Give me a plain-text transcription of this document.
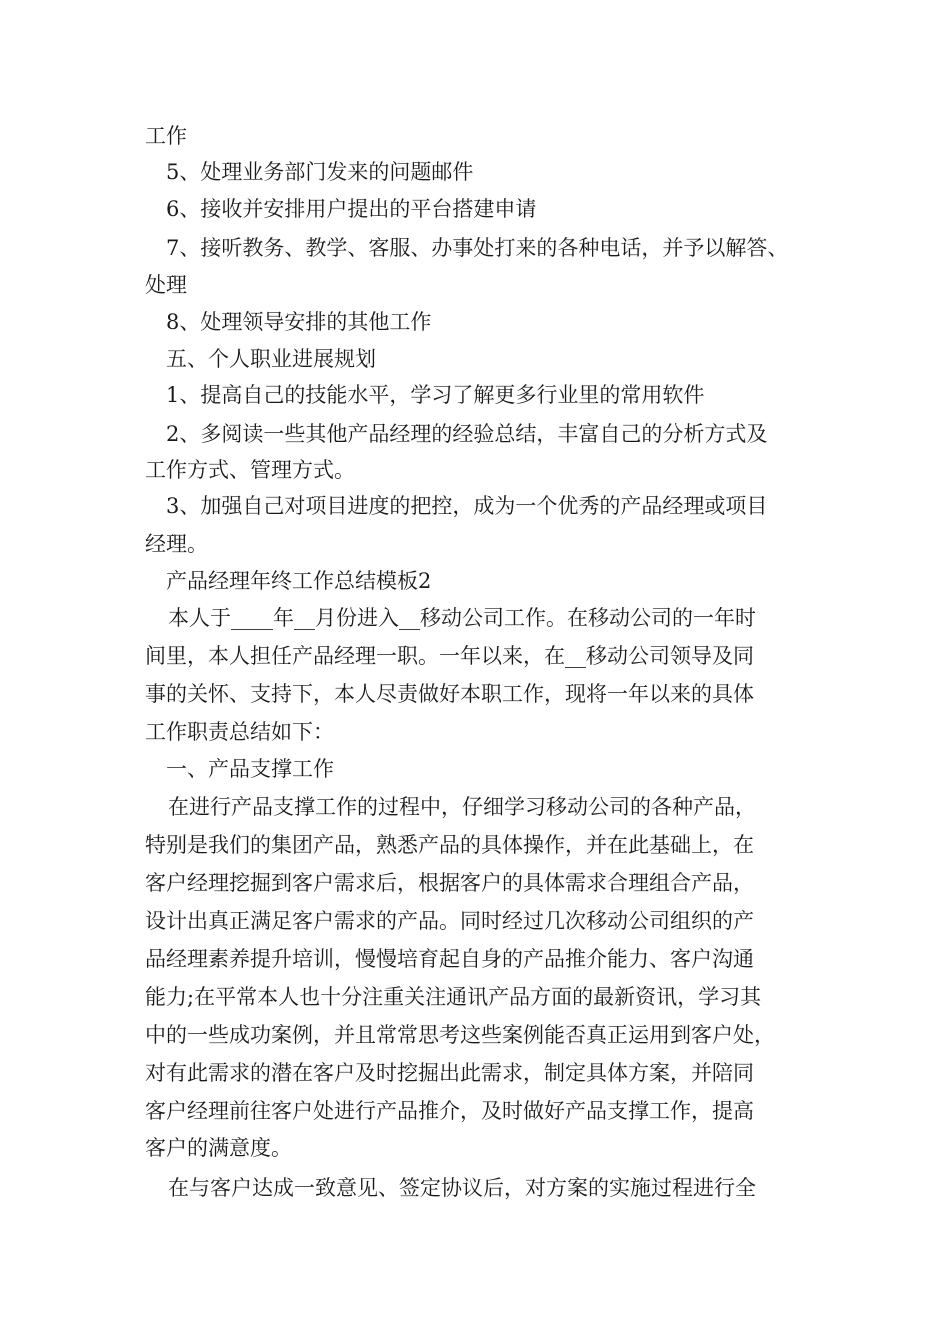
工作
5、处理业务部门发来的问题邮件
6、接收并安排用户提出的平台搭建申请
7、接听教务、教学、客服、办事处打来的各种电话，并予以解答、
处理
8、处理领导安排的其他工作
五、个人职业进展规划
1、提高自己的技能水平，学习了解更多行业里的常用软件
2、多阅读一些其他产品经理的经验总结，丰富自己的分析方式及
工作方式、管理方式。
3、加强自己对项目进度的把控，成为一个优秀的产品经理或项目
经理。
产品经理年终工作总结模板2
本人于____年__月份进入__移动公司工作。在移动公司的一年时
间里，本人担任产品经理一职。一年以来，在__移动公司领导及同
事的关怀、支持下，本人尽责做好本职工作，现将一年以来的具体
工作职责总结如下：
一、产品支撑工作
在进行产品支撑工作的过程中，仔细学习移动公司的各种产品，
特别是我们的集团产品，熟悉产品的具体操作，并在此基础上，在
客户经理挖掘到客户需求后，根据客户的具体需求合理组合产品，
设计出真正满足客户需求的产品。同时经过几次移动公司组织的产
品经理素养提升培训，慢慢培育起自身的产品推介能力、客户沟通
能力;在平常本人也十分注重关注通讯产品方面的最新资讯，学习其
中的一些成功案例，并且常常思考这些案例能否真正运用到客户处，
对有此需求的潜在客户及时挖掘出此需求，制定具体方案，并陪同
客户经理前往客户处进行产品推介，及时做好产品支撑工作，提高
客户的满意度。
在与客户达成一致意见、签定协议后，对方案的实施过程进行全
